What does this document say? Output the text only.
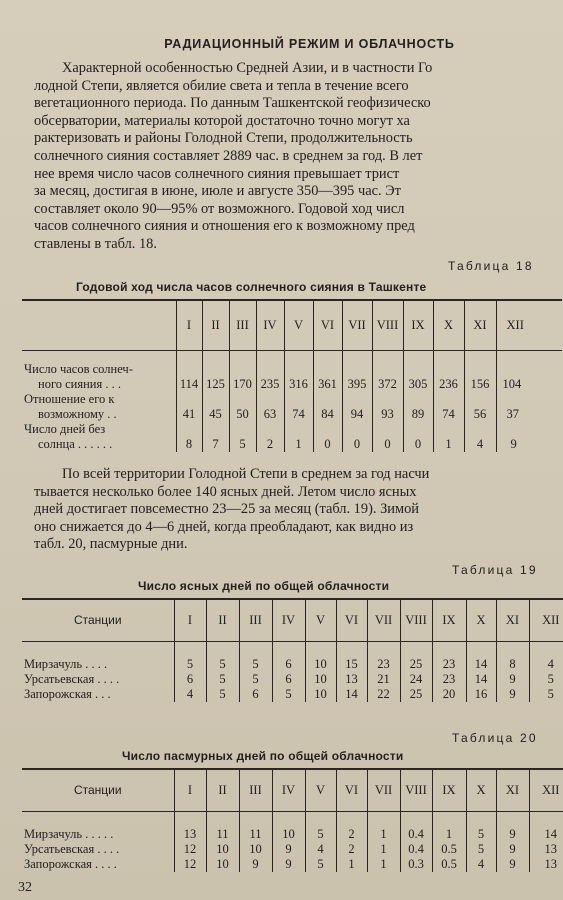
РАДИАЦИОННЫЙ РЕЖИМ И ОБЛАЧНОСТЬ
Характерной особенностью Средней Азии, и в частности Го
лодной Степи, является обилие света и тепла в течение всего
вегетационного периода. По данным Ташкентской геофизическо
обсерватории, материалы которой достаточно точно могут ха
рактеризовать и районы Голодной Степи, продолжительность
солнечного сияния составляет 2889 час. в среднем за год. В лет
нее время число часов солнечного сияния превышает трист
за месяц, достигая в июне, июле и августе 350—395 час. Эт
составляет около 90—95% от возможного. Годовой ход числ
часов солнечного сияния и отношения его к возможному пред
ставлены в табл. 18.
Таблица 18
Годовой ход числа часов солнечного сияния в Ташкенте
	I	II	III	IV	V	VI	VII	VIII	IX	X	XI	XII

Число часов солнеч-
ного сияния . . .	114	125	170	235	316	361	395	372	305	236	156	104
Отношение его к
возможному . .	41	45	50	63	74	84	94	93	89	74	56	37
Число дней без
солнца . . . . . .	8	7	5	2	1	0	0	0	0	1	4	9
По всей территории Голодной Степи в среднем за год насчи
тывается несколько более 140 ясных дней. Летом число ясных
дней достигает повсеместно 23—25 за месяц (табл. 19). Зимой
оно снижается до 4—6 дней, когда преобладают, как видно из
табл. 20, пасмурные дни.
Таблица 19
Число ясных дней по общей облачности
Станции	I	II	III	IV	V	VI	VII	VIII	IX	X	XI	XII

Мирзачуль . . . .	5	5	5	6	10	15	23	25	23	14	8	4
Урсатьевская . . . .	6	5	5	6	10	13	21	24	23	14	9	5
Запорожская . . .	4	5	6	5	10	14	22	25	20	16	9	5
Таблица 20
Число пасмурных дней по общей облачности
Станции	I	II	III	IV	V	VI	VII	VIII	IX	X	XI	XII

Мирзачуль . . . . .	13	11	11	10	5	2	1	0.4	1	5	9	14
Урсатьевская . . . .	12	10	10	9	4	2	1	0.4	0.5	5	9	13
Запорожская . . . .	12	10	9	9	5	1	1	0.3	0.5	4	9	13
32
